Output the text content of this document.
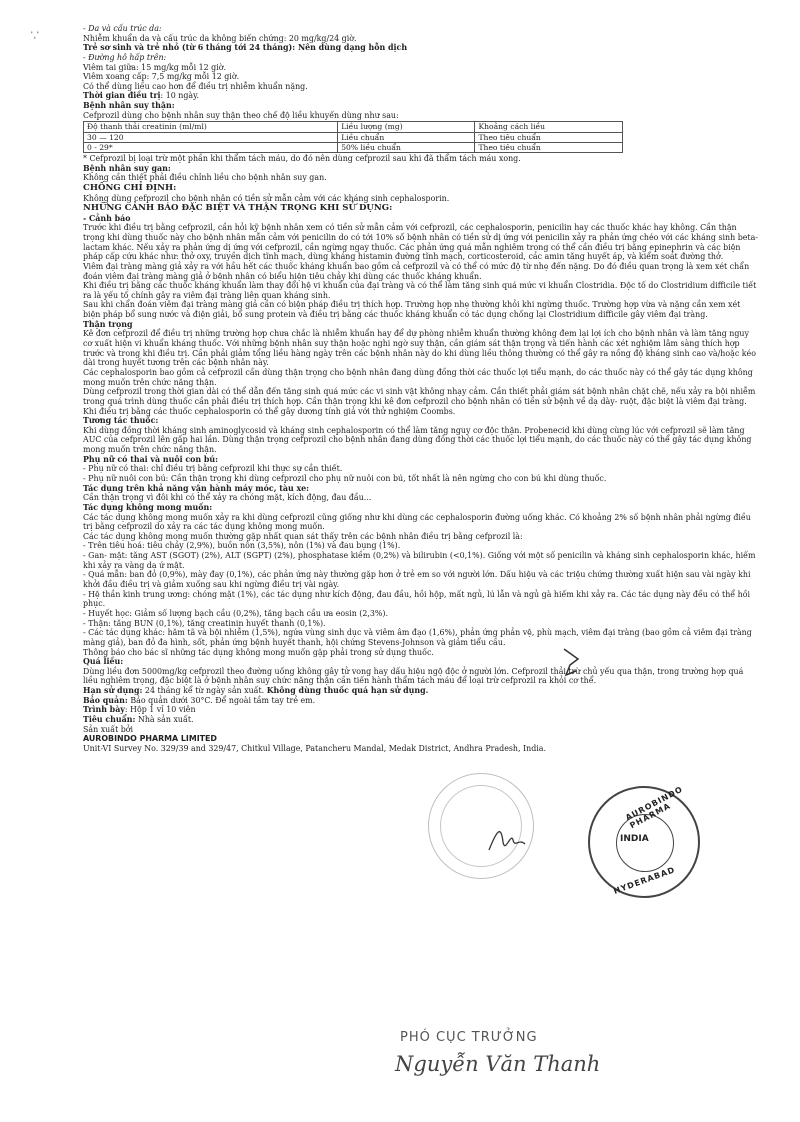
∵	- Da và cấu trúc da:

Nhiễm khuẩn da và cấu trúc da không biến chứng: 20 mg/kg/24 giờ.

Trẻ sơ sinh và trẻ nhỏ (từ 6 tháng tới 24 tháng): Nên dùng dạng hỗn dịch

- Đường hô hấp trên:

Viêm tai giữa: 15 mg/kg mỗi 12 giờ.

Viêm xoang cấp: 7,5 mg/kg mỗi 12 giờ.

Có thể dùng liều cao hơn để điều trị nhiễm khuẩn nặng.

Thời gian điều trị: 10 ngày.

Bệnh nhân suy thận:

Cefprozil dùng cho bệnh nhân suy thận theo chế độ liều khuyến dùng như sau:

Độ thanh thải creatinin (ml/ml)	Liều lượng (mg)	Khoảng cách liều
30 — 120	Liều chuẩn	Theo tiêu chuẩn
0 - 29*	50% liều chuẩn	Theo tiêu chuẩn

* Cefprozil bị loại trừ một phần khi thẩm tách máu, do đó nên dùng cefprozil sau khi đã thẩm tách máu xong.

Bệnh nhân suy gan:

Không cần thiết phải điều chỉnh liều cho bệnh nhân suy gan.

CHỐNG CHỈ ĐỊNH:

Không dùng cefprozil cho bệnh nhân có tiền sử mẫn cảm với các kháng sinh cephalosporin.

NHỮNG CẢNH BÁO ĐẶC BIỆT VÀ THẬN TRỌNG KHI SỬ DỤNG:

- Cảnh báo

Trước khi điều trị bằng cefprozil, cần hỏi kỹ bệnh nhân xem có tiền sử mẫn cảm với cefprozil, các cephalosporin, penicilin hay các thuốc khác hay không. Cần thận trọng khi dùng thuốc này cho bệnh nhân mẫn cảm với penicilin do có tới 10% số bệnh nhân có tiền sử dị ứng với penicilin xảy ra phản ứng chéo với các kháng sinh beta-lactam khác. Nếu xảy ra phản ứng dị ứng với cefprozil, cần ngừng ngay thuốc. Các phản ứng quá mẫn nghiêm trọng có thể cần điều trị bằng epinephrin và các biện pháp cấp cứu khác như: thở oxy, truyền dịch tĩnh mạch, dùng kháng histamin đường tĩnh mạch, corticosteroid, các amin tăng huyết áp, và kiểm soát đường thở.

Viêm đại tràng màng giả xảy ra với hầu hết các thuốc kháng khuẩn bao gồm cả cefprozil và có thể có mức độ từ nhẹ đến nặng. Do đó điều quan trọng là xem xét chẩn đoán viêm đại tràng màng giả ở bệnh nhân có biểu hiện tiêu chảy khi dùng các thuốc kháng khuẩn.

Khi điều trị bằng các thuốc kháng khuẩn làm thay đổi hệ vi khuẩn của đại tràng và có thể làm tăng sinh quá mức vi khuẩn Clostridia. Độc tố do Clostridium difficile tiết ra là yếu tố chính gây ra viêm đại tràng liên quan kháng sinh.

Sau khi chẩn đoán viêm đại tràng màng giả cần có biện pháp điều trị thích hợp. Trường hợp nhẹ thường khỏi khi ngừng thuốc. Trường hợp vừa và nặng cần xem xét biện pháp bổ sung nước và điện giải, bổ sung protein và điều trị bằng các thuốc kháng khuẩn có tác dụng chống lại Clostridium difficile gây viêm đại tràng.

Thận trọng

Kê đơn cefprozil để điều trị những trường hợp chưa chắc là nhiễm khuẩn hay để dự phòng nhiễm khuẩn thường không đem lại lợi ích cho bệnh nhân và làm tăng nguy cơ xuất hiện vi khuẩn kháng thuốc. Với những bệnh nhân suy thận hoặc nghi ngờ suy thận, cần giám sát thận trọng và tiến hành các xét nghiệm lâm sàng thích hợp trước và trong khi điều trị. Cần phải giảm tổng liều hàng ngày trên các bệnh nhân này do khi dùng liều thông thường có thể gây ra nồng độ kháng sinh cao và/hoặc kéo dài trong huyết tương trên các bệnh nhân này.

Các cephalosporin bao gồm cả cefprozil cần dùng thận trọng cho bệnh nhân đang dùng đồng thời các thuốc lợi tiểu mạnh, do các thuốc này có thể gây tác dụng không mong muốn trên chức năng thận.

Dùng cefprozil trong thời gian dài có thể dẫn đến tăng sinh quá mức các vi sinh vật không nhạy cảm. Cần thiết phải giám sát bệnh nhân chặt chẽ, nếu xảy ra bội nhiễm trong quá trình dùng thuốc cần phải điều trị thích hợp. Cần thận trọng khi kê đơn cefprozil cho bệnh nhân có tiền sử bệnh về dạ dày- ruột, đặc biệt là viêm đại tràng. Khi điều trị bằng các thuốc cephalosporin có thể gây dương tính giả với thử nghiệm Coombs.

Tương tác thuốc:

Khi dùng đồng thời kháng sinh aminoglycosid và kháng sinh cephalosporin có thể làm tăng nguy cơ độc thận. Probenecid khi dùng cùng lúc với cefprozil sẽ làm tăng AUC của cefprozil lên gấp hai lần. Dùng thận trọng cefprozil cho bệnh nhân đang dùng đồng thời các thuốc lợi tiểu mạnh, do các thuốc này có thể gây tác dụng không mong muốn trên chức năng thận.

Phụ nữ có thai và nuôi con bú:

- Phụ nữ có thai: chỉ điều trị bằng cefprozil khi thực sự cần thiết.

- Phụ nữ nuôi con bú: Cần thận trọng khi dùng cefprozil cho phụ nữ nuôi con bú, tốt nhất là nên ngừng cho con bú khi dùng thuốc.

Tác dụng trên khả năng vận hành máy móc, tàu xe:

Cần thận trọng vì đôi khi có thể xảy ra chóng mặt, kích động, đau đầu...

Tác dụng không mong muốn:

Các tác dụng không mong muốn xảy ra khi dùng cefprozil cũng giống như khi dùng các cephalosporin đường uống khác. Có khoảng 2% số bệnh nhân phải ngừng điều trị bằng cefprozil do xảy ra các tác dụng không mong muốn.

Các tác dụng không mong muốn thường gặp nhất quan sát thấy trên các bệnh nhân điều trị bằng cefprozil là:

- Trên tiêu hoá: tiêu chảy (2,9%), buồn nôn (3,5%), nôn (1%) và đau bụng (1%).

- Gan- mật: tăng AST (SGOT) (2%), ALT (SGPT) (2%), phosphatase kiềm (0,2%) và bilirubin (<0,1%). Giống với một số penicilin và kháng sinh cephalosporin khác, hiếm khi xảy ra vàng da ứ mật.

- Quá mẫn: ban đỏ (0,9%), mày đay (0,1%), các phản ứng này thường gặp hơn ở trẻ em so với người lớn. Dấu hiệu và các triệu chứng thường xuất hiện sau vài ngày khi khởi đầu điều trị và giảm xuống sau khi ngừng điều trị vài ngày.

- Hệ thần kinh trung ương: chóng mặt (1%), các tác dụng như kích động, đau đầu, hồi hộp, mất ngủ, lú lẫn và ngủ gà hiếm khi xảy ra. Các tác dụng này đều có thể hồi phục.

- Huyết học: Giảm số lượng bạch cầu (0,2%), tăng bạch cầu ưa eosin (2,3%).

- Thận: tăng BUN (0,1%), tăng creatinin huyết thanh (0,1%).

- Các tác dụng khác: hăm tã và bội nhiễm (1,5%), ngứa vùng sinh dục và viêm âm đạo (1,6%), phản ứng phản vệ, phù mạch, viêm đại tràng (bao gồm cả viêm đại tràng màng giả), ban đỏ đa hình, sốt, phản ứng bệnh huyết thanh, hội chứng Stevens-Johnson và giảm tiểu cầu.

Thông báo cho bác sĩ những tác dụng không mong muốn gặp phải trong sử dụng thuốc.

Quá liều:

Dùng liều đơn 5000mg/kg cefprozil theo đường uống không gây tử vong hay dấu hiệu ngộ độc ở người lớn. Cefprozil thải trừ chủ yếu qua thận, trong trường hợp quá liều nghiêm trọng, đặc biệt là ở bệnh nhân suy chức năng thận cần tiến hành thẩm tách máu để loại trừ cefprozil ra khỏi cơ thể.

Hạn sử dụng: 24 tháng kể từ ngày sản xuất. Không dùng thuốc quá hạn sử dụng.

Bảo quản: Bảo quản dưới 30°C. Để ngoài tầm tay trẻ em.

Trình bày: Hộp 1 vỉ 10 viên

Tiêu chuẩn: Nhà sản xuất.

Sản xuất bởi

AUROBINDO PHARMA LIMITED

Unit-VI Survey No. 329/39 and 329/47, Chitkul Village, Patancheru Mandal, Medak District, Andhra Pradesh, India.

AUROBINDO PHARMA
INDIA
HYDERABAD
PHÓ CỤC TRƯỞNG
Nguyễn Văn Thanh
